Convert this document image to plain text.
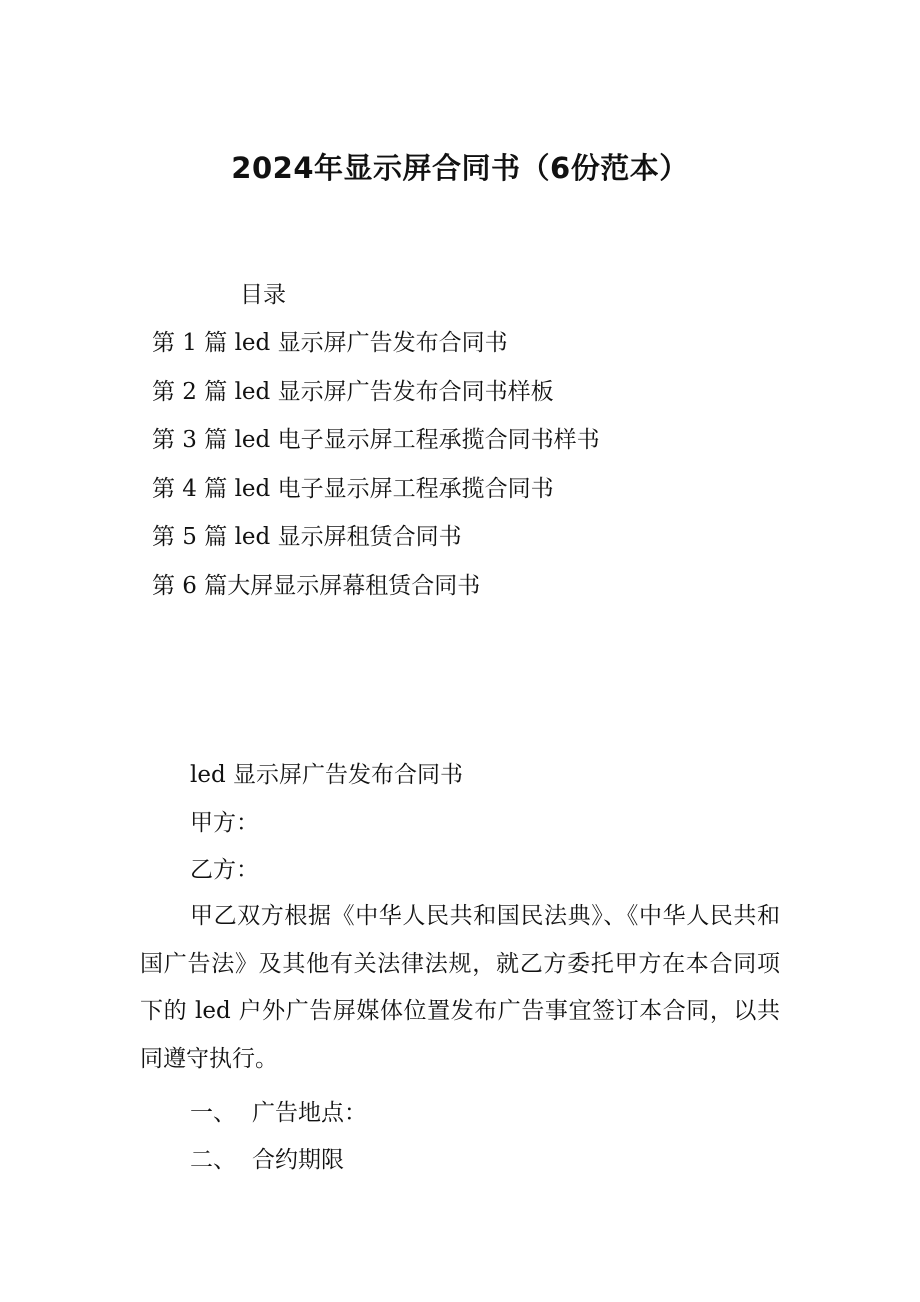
2024年显示屏合同书（6份范本）
目录
第 1 篇 led 显示屏广告发布合同书
第 2 篇 led 显示屏广告发布合同书样板
第 3 篇 led 电子显示屏工程承揽合同书样书
第 4 篇 led 电子显示屏工程承揽合同书
第 5 篇 led 显示屏租赁合同书
第 6 篇大屏显示屏幕租赁合同书

led 显示屏广告发布合同书

甲方：

乙方：

甲乙双方根据《中华人民共和国民法典》、《中华人民共和国广告法》及其他有关法律法规，就乙方委托甲方在本合同项下的 led 户外广告屏媒体位置发布广告事宜签订本合同，以共同遵守执行。

一、 广告地点：

二、 合约期限
